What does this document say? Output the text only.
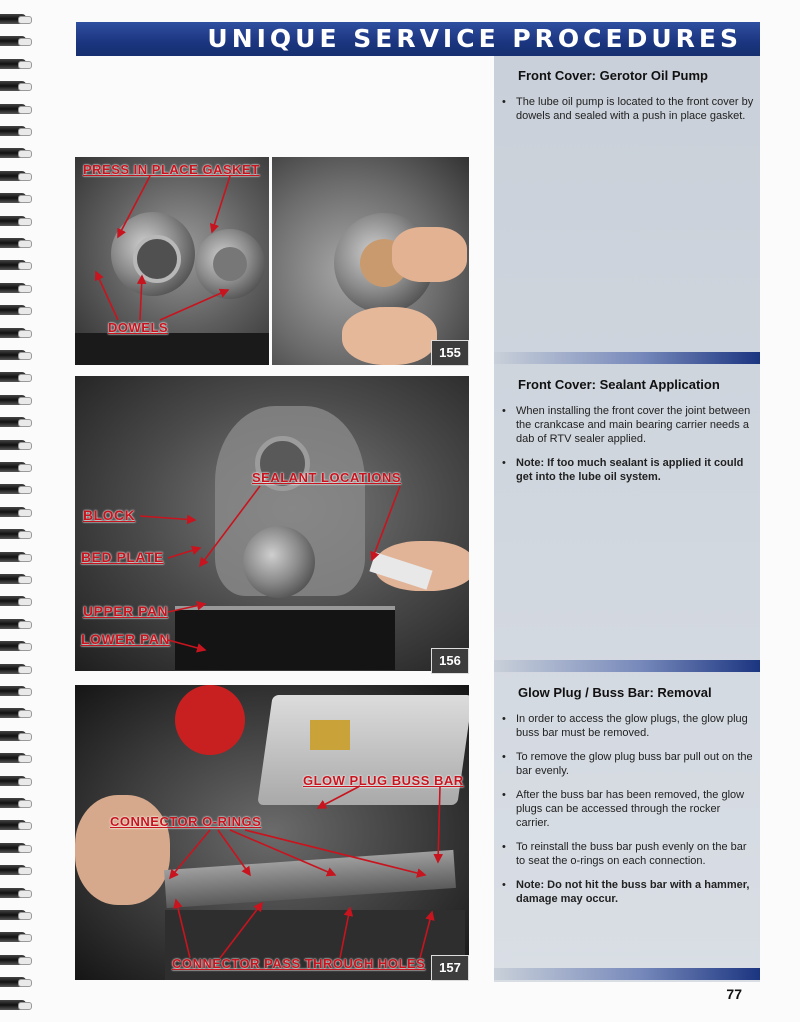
UNIQUE SERVICE PROCEDURES
Front Cover: Gerotor Oil Pump
• The lube oil pump is located to the front cover by dowels and sealed with a push in place gasket.
Front Cover: Sealant Application
• When installing the front cover the joint between the crankcase and main bearing carrier needs a dab of RTV sealer applied.
• Note: If too much sealant is applied it could get into the lube oil system.
Glow Plug / Buss Bar: Removal
• In order to access the glow plugs, the glow plug buss bar must be removed.
• To remove the glow plug buss bar pull out on the bar evenly.
• After the buss bar has been removed, the glow plugs can be accessed through the rocker carrier.
• To reinstall the buss bar push evenly on the bar to seat the o-rings on each connection.
• Note: Do not hit the buss bar with a hammer, damage may occur.
155
PRESS IN PLACE GASKET
DOWELS
156
SEALANT LOCATIONS
BLOCK
BED PLATE
UPPER PAN
LOWER PAN
157
GLOW PLUG BUSS BAR
CONNECTOR O-RINGS
CONNECTOR PASS THROUGH HOLES
77
